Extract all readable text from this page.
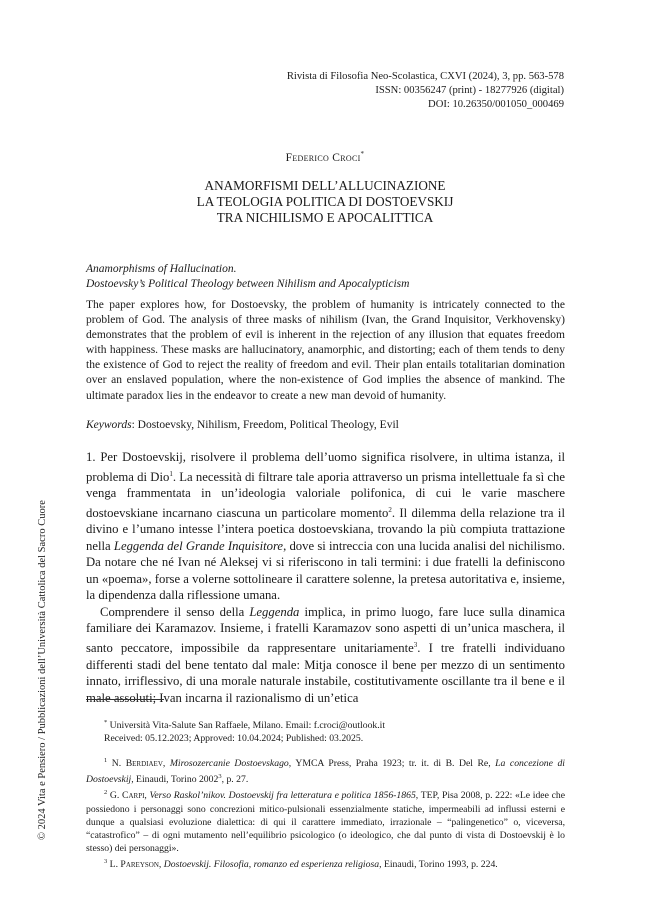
© 2024 Vita e Pensiero / Pubblicazioni dell’Università Cattolica del Sacro Cuore
Rivista di Filosofia Neo-Scolastica, CXVI (2024), 3, pp. 563-578
ISSN: 00356247 (print) - 18277926 (digital)
DOI: 10.26350/001050_000469
Federico Croci*
ANAMORFISMI DELL’ALLUCINAZIONE
LA TEOLOGIA POLITICA DI DOSTOEVSKIJ
TRA NICHILISMO E APOCALITTICA
Anamorphisms of Hallucination.
Dostoevsky’s Political Theology between Nihilism and Apocalypticism
The paper explores how, for Dostoevsky, the problem of humanity is intricately connected to the problem of God. The analysis of three masks of nihilism (Ivan, the Grand Inquisitor, Verkhovensky) demonstrates that the problem of evil is inherent in the rejection of any illusion that equates freedom with happiness. These masks are hallucinatory, anamorphic, and distorting; each of them tends to deny the existence of God to reject the reality of freedom and evil. Their plan entails totalitarian domination over an enslaved population, where the non-existence of God implies the absence of mankind. The ultimate paradox lies in the endeavor to create a new man devoid of humanity.
Keywords: Dostoevsky, Nihilism, Freedom, Political Theology, Evil

1. Per Dostoevskij, risolvere il problema dell’uomo significa risolvere, in ultima istanza, il problema di Dio$^1$. La necessità di filtrare tale aporia attraverso un prisma intellettuale fa sì che venga frammentata in un’ideologia valoriale polifonica, di cui le varie maschere dostoevskiane incarnano ciascuna un particolare momento$^2$. Il dilemma della relazione tra il divino e l’umano intesse l’intera poetica dostoevskiana, trovando la più compiuta trattazione nella Leggenda del Grande Inquisitore, dove si intreccia con una lucida analisi del nichilismo. Da notare che né Ivan né Aleksej vi si riferiscono in tali termini: i due fratelli la definiscono un «poema», forse a volerne sottolineare il carattere solenne, la pretesa autoritativa e, insieme, la dipendenza dalla riflessione umana.

Comprendere il senso della Leggenda implica, in primo luogo, fare luce sulla dinamica familiare dei Karamazov. Insieme, i fratelli Karamazov sono aspetti di un’unica maschera, il santo peccatore, impossibile da rappresentare unitariamente$^3$. I tre fratelli individuano differenti stadi del bene tentato dal male: Mitja conosce il bene per mezzo di un sentimento innato, irriflessivo, di una morale naturale instabile, costitutivamente oscillante tra il bene e il male assoluti; Ivan incarna il razionalismo di un’etica

* Università Vita-Salute San Raffaele, Milano. Email: f.croci@outlook.it
Received: 05.12.2023; Approved: 10.04.2024; Published: 03.2025.

$^1$ N. Berdiaev, Mirosozercanie Dostoevskago, YMCA Press, Praha 1923; tr. it. di B. Del Re, La concezione di Dostoevskij, Einaudi, Torino 2002$^3$, p. 27.

$^2$ G. Carpi, Verso Raskol’nikov. Dostoevskij fra letteratura e politica 1856-1865, TEP, Pisa 2008, p. 222: «Le idee che possiedono i personaggi sono concrezioni mitico-pulsionali essenzialmente statiche, impermeabili ad influssi esterni e dunque a qualsiasi evoluzione dialettica: di qui il carattere immediato, irrazionale – “palingenetico” o, viceversa, “catastrofico” – di ogni mutamento nell’equilibrio psicologico (o ideologico, che dal punto di vista di Dostoevskij è lo stesso) dei personaggi».

$^3$ L. Pareyson, Dostoevskij. Filosofia, romanzo ed esperienza religiosa, Einaudi, Torino 1993, p. 224.
